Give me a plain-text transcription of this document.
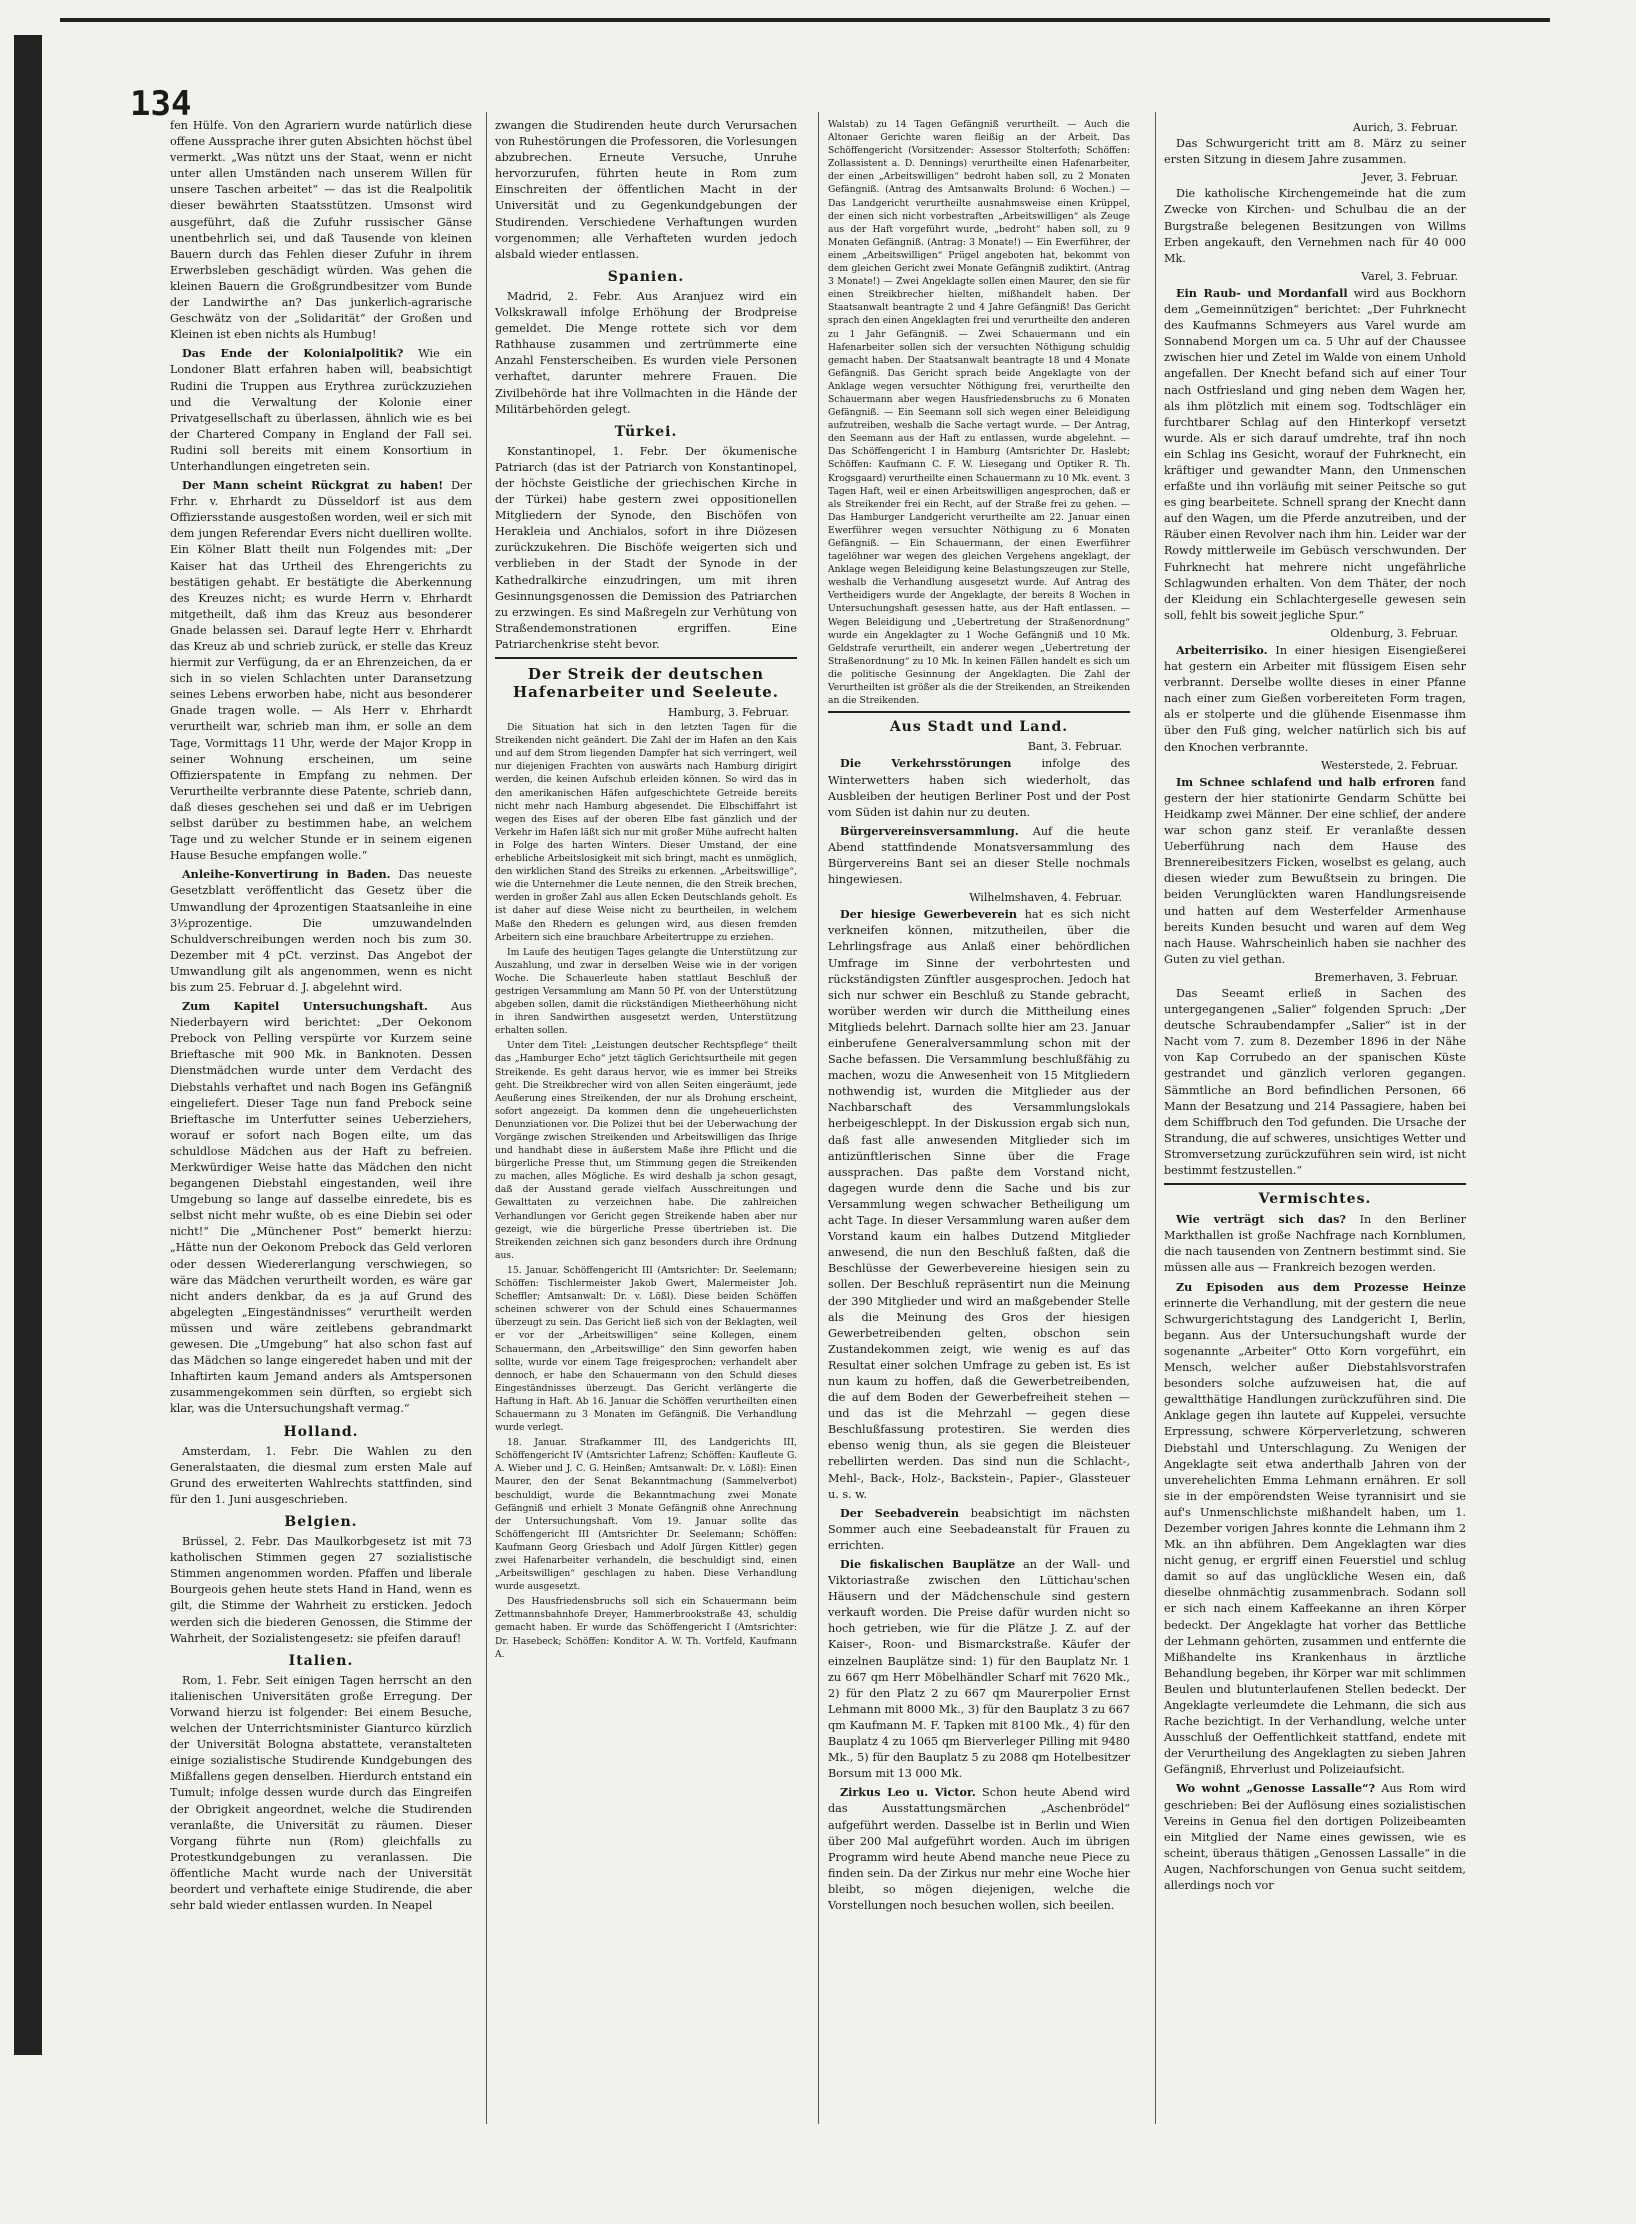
134

fen Hülfe. Von den Agrariern wurde natürlich diese offene Aussprache ihrer guten Absichten höchst übel vermerkt. „Was nützt uns der Staat, wenn er nicht unter allen Umständen nach unserem Willen für unsere Taschen arbeitet“ — das ist die Realpolitik dieser bewährten Staatsstützen. Umsonst wird ausgeführt, daß die Zufuhr russischer Gänse unentbehrlich sei, und daß Tausende von kleinen Bauern durch das Fehlen dieser Zufuhr in ihrem Erwerbsleben geschädigt würden. Was gehen die kleinen Bauern die Großgrundbesitzer vom Bunde der Landwirthe an? Das junkerlich-agrarische Geschwätz von der „Solidarität“ der Großen und Kleinen ist eben nichts als Humbug!

Das Ende der Kolonialpolitik? Wie ein Londoner Blatt erfahren haben will, beabsichtigt Rudini die Truppen aus Erythrea zurückzuziehen und die Verwaltung der Kolonie einer Privatgesellschaft zu überlassen, ähnlich wie es bei der Chartered Company in England der Fall sei. Rudini soll bereits mit einem Konsortium in Unterhandlungen eingetreten sein.

Der Mann scheint Rückgrat zu haben! Der Frhr. v. Ehrhardt zu Düsseldorf ist aus dem Offiziersstande ausgestoßen worden, weil er sich mit dem jungen Referendar Evers nicht duelliren wollte. Ein Kölner Blatt theilt nun Folgendes mit: „Der Kaiser hat das Urtheil des Ehrengerichts zu bestätigen gehabt. Er bestätigte die Aberkennung des Kreuzes nicht; es wurde Herrn v. Ehrhardt mitgetheilt, daß ihm das Kreuz aus besonderer Gnade belassen sei. Darauf legte Herr v. Ehrhardt das Kreuz ab und schrieb zurück, er stelle das Kreuz hiermit zur Verfügung, da er an Ehrenzeichen, da er sich in so vielen Schlachten unter Daransetzung seines Lebens erworben habe, nicht aus besonderer Gnade tragen wolle. — Als Herr v. Ehrhardt verurtheilt war, schrieb man ihm, er solle an dem Tage, Vormittags 11 Uhr, werde der Major Kropp in seiner Wohnung erscheinen, um seine Offizierspatente in Empfang zu nehmen. Der Verurtheilte verbrannte diese Patente, schrieb dann, daß dieses geschehen sei und daß er im Uebrigen selbst darüber zu bestimmen habe, an welchem Tage und zu welcher Stunde er in seinem eigenen Hause Besuche empfangen wolle.“

Anleihe-Konvertirung in Baden. Das neueste Gesetzblatt veröffentlicht das Gesetz über die Umwandlung der 4prozentigen Staatsanleihe in eine 3½prozentige. Die umzuwandelnden Schuldverschreibungen werden noch bis zum 30. Dezember mit 4 pCt. verzinst. Das Angebot der Umwandlung gilt als angenommen, wenn es nicht bis zum 25. Februar d. J. abgelehnt wird.

Zum Kapitel Untersuchungshaft. Aus Niederbayern wird berichtet: „Der Oekonom Prebock von Pelling verspürte vor Kurzem seine Brieftasche mit 900 Mk. in Banknoten. Dessen Dienstmädchen wurde unter dem Verdacht des Diebstahls verhaftet und nach Bogen ins Gefängniß eingeliefert. Dieser Tage nun fand Prebock seine Brieftasche im Unterfutter seines Ueberziehers, worauf er sofort nach Bogen eilte, um das schuldlose Mädchen aus der Haft zu befreien. Merkwürdiger Weise hatte das Mädchen den nicht begangenen Diebstahl eingestanden, weil ihre Umgebung so lange auf dasselbe einredete, bis es selbst nicht mehr wußte, ob es eine Diebin sei oder nicht!“ Die „Münchener Post“ bemerkt hierzu: „Hätte nun der Oekonom Prebock das Geld verloren oder dessen Wiedererlangung verschwiegen, so wäre das Mädchen verurtheilt worden, es wäre gar nicht anders denkbar, da es ja auf Grund des abgelegten „Eingeständnisses“ verurtheilt werden müssen und wäre zeitlebens gebrandmarkt gewesen. Die „Umgebung“ hat also schon fast auf das Mädchen so lange eingeredet haben und mit der Inhaftirten kaum Jemand anders als Amtspersonen zusammengekommen sein dürften, so ergiebt sich klar, was die Untersuchungshaft vermag.“

Holland.

Amsterdam, 1. Febr. Die Wahlen zu den Generalstaaten, die diesmal zum ersten Male auf Grund des erweiterten Wahlrechts stattfinden, sind für den 1. Juni ausgeschrieben.

Belgien.

Brüssel, 2. Febr. Das Maulkorbgesetz ist mit 73 katholischen Stimmen gegen 27 sozialistische Stimmen angenommen worden. Pfaffen und liberale Bourgeois gehen heute stets Hand in Hand, wenn es gilt, die Stimme der Wahrheit zu ersticken. Jedoch werden sich die biederen Genossen, die Stimme der Wahrheit, der Sozialistengesetz: sie pfeifen darauf!

Italien.

Rom, 1. Febr. Seit einigen Tagen herrscht an den italienischen Universitäten große Erregung. Der Vorwand hierzu ist folgender: Bei einem Besuche, welchen der Unterrichtsminister Gianturco kürzlich der Universität Bologna abstattete, veranstalteten einige sozialistische Studirende Kundgebungen des Mißfallens gegen denselben. Hierdurch entstand ein Tumult; infolge dessen wurde durch das Eingreifen der Obrigkeit angeordnet, welche die Studirenden veranlaßte, die Universität zu räumen. Dieser Vorgang führte nun (Rom) gleichfalls zu Protestkundgebungen zu veranlassen. Die öffentliche Macht wurde nach der Universität beordert und verhaftete einige Studirende, die aber sehr bald wieder entlassen wurden. In Neapel

zwangen die Studirenden heute durch Verursachen von Ruhestörungen die Professoren, die Vorlesungen abzubrechen. Erneute Versuche, Unruhe hervorzurufen, führten heute in Rom zum Einschreiten der öffentlichen Macht in der Universität und zu Gegenkundgebungen der Studirenden. Verschiedene Verhaftungen wurden vorgenommen; alle Verhafteten wurden jedoch alsbald wieder entlassen.

Spanien.

Madrid, 2. Febr. Aus Aranjuez wird ein Volkskrawall infolge Erhöhung der Brodpreise gemeldet. Die Menge rottete sich vor dem Rathhause zusammen und zertrümmerte eine Anzahl Fensterscheiben. Es wurden viele Personen verhaftet, darunter mehrere Frauen. Die Zivilbehörde hat ihre Vollmachten in die Hände der Militärbehörden gelegt.

Türkei.

Konstantinopel, 1. Febr. Der ökumenische Patriarch (das ist der Patriarch von Konstantinopel, der höchste Geistliche der griechischen Kirche in der Türkei) habe gestern zwei oppositionellen Mitgliedern der Synode, den Bischöfen von Herakleia und Anchialos, sofort in ihre Diözesen zurückzukehren. Die Bischöfe weigerten sich und verblieben in der Stadt der Synode in der Kathedralkirche einzudringen, um mit ihren Gesinnungsgenossen die Demission des Patriarchen zu erzwingen. Es sind Maßregeln zur Verhütung von Straßendemonstrationen ergriffen. Eine Patriarchenkrise steht bevor.

Der Streik der deutschen Hafenarbeiter und Seeleute.
Hamburg, 3. Februar.

Die Situation hat sich in den letzten Tagen für die Streikenden nicht geändert. Die Zahl der im Hafen an den Kais und auf dem Strom liegenden Dampfer hat sich verringert, weil nur diejenigen Frachten von auswärts nach Hamburg dirigirt werden, die keinen Aufschub erleiden können. So wird das in den amerikanischen Häfen aufgeschichtete Getreide bereits nicht mehr nach Hamburg abgesendet. Die Elbschiffahrt ist wegen des Eises auf der oberen Elbe fast gänzlich und der Verkehr im Hafen läßt sich nur mit großer Mühe aufrecht halten in Folge des harten Winters. Dieser Umstand, der eine erhebliche Arbeitslosigkeit mit sich bringt, macht es unmöglich, den wirklichen Stand des Streiks zu erkennen. „Arbeitswillige“, wie die Unternehmer die Leute nennen, die den Streik brechen, werden in großer Zahl aus allen Ecken Deutschlands geholt. Es ist daher auf diese Weise nicht zu beurtheilen, in welchem Maße den Rhedern es gelungen wird, aus diesen fremden Arbeitern sich eine brauchbare Arbeitertruppe zu erziehen.

Im Laufe des heutigen Tages gelangte die Unterstützung zur Auszahlung, und zwar in derselben Weise wie in der vorigen Woche. Die Schauerleute haben stattlaut Beschluß der gestrigen Versammlung am Mann 50 Pf. von der Unterstützung abgeben sollen, damit die rückständigen Mietheerhöhung nicht in ihren Sandwirthen ausgesetzt werden, Unterstützung erhalten sollen.

Unter dem Titel: „Leistungen deutscher Rechtspflege“ theilt das „Hamburger Echo“ jetzt täglich Gerichtsurtheile mit gegen Streikende. Es geht daraus hervor, wie es immer bei Streiks geht. Die Streikbrecher wird von allen Seiten eingeräumt, jede Aeußerung eines Streikenden, der nur als Drohung erscheint, sofort angezeigt. Da kommen denn die ungeheuerlichsten Denunziationen vor. Die Polizei thut bei der Ueberwachung der Vorgänge zwischen Streikenden und Arbeitswilligen das Ihrige und handhabt diese in äußerstem Maße ihre Pflicht und die bürgerliche Presse thut, um Stimmung gegen die Streikenden zu machen, alles Mögliche. Es wird deshalb ja schon gesagt, daß der Ausstand gerade vielfach Ausschreitungen und Gewalttaten zu verzeichnen habe. Die zahlreichen Verhandlungen vor Gericht gegen Streikende haben aber nur gezeigt, wie die bürgerliche Presse übertrieben ist. Die Streikenden zeichnen sich ganz besonders durch ihre Ordnung aus.

15. Januar. Schöffengericht III (Amtsrichter: Dr. Seelemann; Schöffen: Tischlermeister Jakob Gwert, Malermeister Joh. Scheffler; Amtsanwalt: Dr. v. Lößl). Diese beiden Schöffen scheinen schwerer von der Schuld eines Schauermannes überzeugt zu sein. Das Gericht ließ sich von der Beklagten, weil er vor der „Arbeitswilligen“ seine Kollegen, einem Schauermann, den „Arbeitswillige“ den Sinn geworfen haben sollte, wurde vor einem Tage freigesprochen; verhandelt aber dennoch, er habe den Schauermann von den Schuld dieses Eingeständnisses überzeugt. Das Gericht verlängerte die Haftung in Haft. Ab 16. Januar die Schöffen verurtheilten einen Schauermann zu 3 Monaten im Gefängniß. Die Verhandlung wurde verlegt.

18. Januar. Strafkammer III, des Landgerichts III, Schöffengericht IV (Amtsrichter Lafrenz; Schöffen: Kaufleute G. A. Wieber und J. C. G. Heinßen; Amtsanwalt: Dr. v. Lößl): Einen Maurer, den der Senat Bekanntmachung (Sammelverbot) beschuldigt, wurde die Bekanntmachung zwei Monate Gefängniß und erhielt 3 Monate Gefängniß ohne Anrechnung der Untersuchungshaft. Vom 19. Januar sollte das Schöffengericht III (Amtsrichter Dr. Seelemann; Schöffen: Kaufmann Georg Griesbach und Adolf Jürgen Kittler) gegen zwei Hafenarbeiter verhandeln, die beschuldigt sind, einen „Arbeitswilligen“ geschlagen zu haben. Diese Verhandlung wurde ausgesetzt.

Des Hausfriedensbruchs soll sich ein Schauermann beim Zettmannsbahnhofe Dreyer, Hammerbrookstraße 43, schuldig gemacht haben. Er wurde das Schöffengericht I (Amtsrichter: Dr. Hasebeck; Schöffen: Konditor A. W. Th. Vortfeld, Kaufmann A.

Walstab) zu 14 Tagen Gefängniß verurtheilt. — Auch die Altonaer Gerichte waren fleißig an der Arbeit. Das Schöffengericht (Vorsitzender: Assessor Stolterfoth; Schöffen: Zollassistent a. D. Dennings) verurtheilte einen Hafenarbeiter, der einen „Arbeitswilligen“ bedroht haben soll, zu 2 Monaten Gefängniß. (Antrag des Amtsanwalts Brolund: 6 Wochen.) — Das Landgericht verurtheilte ausnahmsweise einen Krüppel, der einen sich nicht vorbestraften „Arbeitswilligen“ als Zeuge aus der Haft vorgeführt wurde, „bedroht“ haben soll, zu 9 Monaten Gefängniß. (Antrag: 3 Monate!) — Ein Ewerführer, der einem „Arbeitswilligen“ Prügel angeboten hat, bekommt von dem gleichen Gericht zwei Monate Gefängniß zudiktirt. (Antrag 3 Monate!) — Zwei Angeklagte sollen einen Maurer, den sie für einen Streikbrecher hielten, mißhandelt haben. Der Staatsanwalt beantragte 2 und 4 Jahre Gefängniß! Das Gericht sprach den einen Angeklagten frei und verurtheilte den anderen zu 1 Jahr Gefängniß. — Zwei Schauermann und ein Hafenarbeiter sollen sich der versuchten Nöthigung schuldig gemacht haben. Der Staatsanwalt beantragte 18 und 4 Monate Gefängniß. Das Gericht sprach beide Angeklagte von der Anklage wegen versuchter Nöthigung frei, verurtheilte den Schauermann aber wegen Hausfriedensbruchs zu 6 Monaten Gefängniß. — Ein Seemann soll sich wegen einer Beleidigung aufzutreiben, weshalb die Sache vertagt wurde. — Der Antrag, den Seemann aus der Haft zu entlassen, wurde abgelehnt. — Das Schöffengericht I in Hamburg (Amtsrichter Dr. Haslebt; Schöffen: Kaufmann C. F. W. Liesegang und Optiker R. Th. Krogsgaard) verurtheilte einen Schauermann zu 10 Mk. event. 3 Tagen Haft, weil er einen Arbeitswilligen angesprochen, daß er als Streikender frei ein Recht, auf der Straße frei zu gehen. — Das Hamburger Landgericht verurtheilte am 22. Januar einen Ewerführer wegen versuchter Nöthigung zu 6 Monaten Gefängniß. — Ein Schauermann, der einen Ewerführer tagelöhner war wegen des gleichen Vergehens angeklagt, der Anklage wegen Beleidigung keine Belastungszeugen zur Stelle, weshalb die Verhandlung ausgesetzt wurde. Auf Antrag des Vertheidigers wurde der Angeklagte, der bereits 8 Wochen in Untersuchungshaft gesessen hatte, aus der Haft entlassen. — Wegen Beleidigung und „Uebertretung der Straßenordnung“ wurde ein Angeklagter zu 1 Woche Gefängniß und 10 Mk. Geldstrafe verurtheilt, ein anderer wegen „Uebertretung der Straßenordnung“ zu 10 Mk. In keinen Fällen handelt es sich um die politische Gesinnung der Angeklagten. Die Zahl der Verurtheilten ist größer als die der Streikenden, an Streikenden an die Streikenden.

Aus Stadt und Land.
Bant, 3. Februar.

Die Verkehrsstörungen	infolge des Winterwetters haben sich wiederholt, das Ausbleiben der heutigen Berliner Post und der Post vom Süden ist dahin nur zu deuten.

Bürgervereinsversammlung. Auf die heute Abend stattfindende Monatsversammlung des Bürgervereins Bant sei an dieser Stelle nochmals hingewiesen.

Wilhelmshaven, 4. Februar.

Der hiesige Gewerbeverein hat es sich nicht verkneifen können, mitzutheilen, über die Lehrlingsfrage aus Anlaß einer behördlichen Umfrage im Sinne der verbohrtesten und rückständigsten Zünftler ausgesprochen. Jedoch hat sich nur schwer ein Beschluß zu Stande gebracht, worüber werden wir durch die Mittheilung eines Mitglieds belehrt. Darnach sollte hier am 23. Januar einberufene Generalversammlung schon mit der Sache befassen. Die Versammlung beschlußfähig zu machen, wozu die Anwesenheit von 15 Mitgliedern nothwendig ist, wurden die Mitglieder aus der Nachbarschaft des Versammlungslokals herbeigeschleppt. In der Diskussion ergab sich nun, daß fast alle anwesenden Mitglieder sich im antizünftlerischen Sinne über die Frage aussprachen. Das paßte dem Vorstand nicht, dagegen wurde denn die Sache und bis zur Versammlung wegen schwacher Betheiligung um acht Tage. In dieser Versammlung waren außer dem Vorstand kaum ein halbes Dutzend Mitglieder anwesend, die nun den Beschluß faßten, daß die Beschlüsse der Gewerbevereine hiesigen sein zu sollen. Der Beschluß repräsentirt nun die Meinung der 390 Mitglieder und wird an maßgebender Stelle als die Meinung des Gros der hiesigen Gewerbetreibenden gelten, obschon sein Zustandekommen zeigt, wie wenig es auf das Resultat einer solchen Umfrage zu geben ist. Es ist nun kaum zu hoffen, daß die Gewerbetreibenden, die auf dem Boden der Gewerbefreiheit stehen — und das ist die Mehrzahl — gegen diese Beschlußfassung protestiren. Sie werden dies ebenso wenig thun, als sie gegen die Bleisteuer rebellirten werden. Das sind nun die Schlacht-, Mehl-, Back-, Holz-, Backstein-, Papier-, Glassteuer u. s. w.

Der Seebadverein beabsichtigt im nächsten Sommer auch eine Seebadeanstalt für Frauen zu errichten.

Die fiskalischen Bauplätze an der Wall- und Viktoriastraße zwischen den Lüttichau'schen Häusern und der Mädchenschule sind gestern verkauft worden. Die Preise dafür wurden nicht so hoch getrieben, wie für die Plätze J. Z. auf der Kaiser-, Roon- und Bismarckstraße. Käufer der einzelnen Bauplätze sind: 1) für den Bauplatz Nr. 1 zu 667 qm Herr Möbelhändler Scharf mit 7620 Mk., 2) für den Platz 2 zu 667 qm Maurerpolier Ernst Lehmann mit 8000 Mk., 3) für den Bauplatz 3 zu 667 qm Kaufmann M. F. Tapken mit 8100 Mk., 4) für den Bauplatz 4 zu 1065 qm Bierverleger Pilling mit 9480 Mk., 5) für den Bauplatz 5 zu 2088 qm Hotelbesitzer Borsum mit 13 000 Mk.

Zirkus Leo u. Victor. Schon heute Abend wird das Ausstattungsmärchen „Aschenbrödel“ aufgeführt werden. Dasselbe ist in Berlin und Wien über 200 Mal aufgeführt worden. Auch im übrigen Programm wird heute Abend manche neue Piece zu finden sein. Da der Zirkus nur mehr eine Woche hier bleibt, so mögen diejenigen, welche die Vorstellungen noch besuchen wollen, sich beeilen.

Aurich, 3. Februar.

Das Schwurgericht tritt am 8. März zu seiner ersten Sitzung in diesem Jahre zusammen.

Jever, 3. Februar.

Die katholische Kirchengemeinde hat die zum Zwecke von Kirchen- und Schulbau die an der Burgstraße belegenen Besitzungen von Willms Erben angekauft, den Vernehmen nach für 40 000 Mk.

Varel, 3. Februar.

Ein Raub- und Mordanfall wird aus Bockhorn dem „Gemeinnützigen“ berichtet: „Der Fuhrknecht des Kaufmanns Schmeyers aus Varel wurde am Sonnabend Morgen um ca. 5 Uhr auf der Chaussee zwischen hier und Zetel im Walde von einem Unhold angefallen. Der Knecht befand sich auf einer Tour nach Ostfriesland und ging neben dem Wagen her, als ihm plötzlich mit einem sog. Todtschläger ein furchtbarer Schlag auf den Hinterkopf versetzt wurde. Als er sich darauf umdrehte, traf ihn noch ein Schlag ins Gesicht, worauf der Fuhrknecht, ein kräftiger und gewandter Mann, den Unmenschen erfaßte und ihn vorläufig mit seiner Peitsche so gut es ging bearbeitete. Schnell sprang der Knecht dann auf den Wagen, um die Pferde anzutreiben, und der Räuber einen Revolver nach ihm hin. Leider war der Rowdy mittlerweile im Gebüsch verschwunden. Der Fuhrknecht hat mehrere nicht ungefährliche Schlagwunden erhalten. Von dem Thäter, der noch der Kleidung ein Schlachtergeselle gewesen sein soll, fehlt bis soweit jegliche Spur.“

Oldenburg, 3. Februar.

Arbeiterrisiko. In einer hiesigen Eisengießerei hat gestern ein Arbeiter mit flüssigem Eisen sehr verbrannt. Derselbe wollte dieses in einer Pfanne nach einer zum Gießen vorbereiteten Form tragen, als er stolperte und die glühende Eisenmasse ihm über den Fuß ging, welcher natürlich sich bis auf den Knochen verbrannte.

Westerstede, 2. Februar.

Im Schnee schlafend und halb erfroren fand gestern der hier stationirte Gendarm Schütte bei Heidkamp zwei Männer. Der eine schlief, der andere war schon ganz steif. Er veranlaßte dessen Ueberführung nach dem Hause des Brennereibesitzers Ficken, woselbst es gelang, auch diesen wieder zum Bewußtsein zu bringen. Die beiden Verunglückten waren Handlungsreisende und hatten auf dem Westerfelder Armenhause bereits Kunden besucht und waren auf dem Weg nach Hause. Wahrscheinlich haben sie nachher des Guten zu viel gethan.

Bremerhaven, 3. Februar.

Das Seeamt erließ in Sachen des untergegangenen „Salier“ folgenden Spruch: „Der deutsche Schraubendampfer „Salier“ ist in der Nacht vom 7. zum 8. Dezember 1896 in der Nähe von Kap Corrubedo an der spanischen Küste gestrandet und gänzlich verloren gegangen. Sämmtliche an Bord befindlichen Personen, 66 Mann der Besatzung und 214 Passagiere, haben bei dem Schiffbruch den Tod gefunden. Die Ursache der Strandung, die auf schweres, unsichtiges Wetter und Stromversetzung zurückzuführen sein wird, ist nicht bestimmt festzustellen.“

Vermischtes.

Wie verträgt sich das? In den Berliner Markthallen ist große Nachfrage nach Kornblumen, die nach tausenden von Zentnern bestimmt sind. Sie müssen alle aus — Frankreich bezogen werden.

Zu Episoden aus dem Prozesse Heinze erinnerte die Verhandlung, mit der gestern die neue Schwurgerichtstagung des Landgericht I, Berlin, begann. Aus der Untersuchungshaft wurde der sogenannte „Arbeiter“ Otto Korn vorgeführt, ein Mensch, welcher außer Diebstahlsvorstrafen besonders solche aufzuweisen hat, die auf gewaltthätige Handlungen zurückzuführen sind. Die Anklage gegen ihn lautete auf Kuppelei, versuchte Erpressung, schwere Körperverletzung, schweren Diebstahl und Unterschlagung. Zu Wenigen der Angeklagte seit etwa anderthalb Jahren von der unverehelichten Emma Lehmann ernähren. Er soll sie in der empörendsten Weise tyrannisirt und sie auf's Unmenschlichste mißhandelt haben, um 1. Dezember vorigen Jahres konnte die Lehmann ihm 2 Mk. an ihn abführen. Dem Angeklagten war dies nicht genug, er ergriff einen Feuerstiel und schlug damit so auf das unglückliche Wesen ein, daß dieselbe ohnmächtig zusammenbrach. Sodann soll er sich nach einem Kaffeekanne an ihren Körper bedeckt. Der Angeklagte hat vorher das Bettliche der Lehmann gehörten, zusammen und entfernte die Mißhandelte ins Krankenhaus in ärztliche Behandlung begeben, ihr Körper war mit schlimmen Beulen und blutunterlaufenen Stellen bedeckt. Der Angeklagte verleumdete die Lehmann, die sich aus Rache bezichtigt. In der Verhandlung, welche unter Ausschluß der Oeffentlichkeit stattfand, endete mit der Verurtheilung des Angeklagten zu sieben Jahren Gefängniß, Ehrverlust und Polizeiaufsicht.

Wo wohnt „Genosse Lassalle“? Aus Rom wird geschrieben: Bei der Auflösung eines sozialistischen Vereins in Genua fiel den dortigen Polizeibeamten ein Mitglied der Name eines gewissen, wie es scheint, überaus thätigen „Genossen Lassalle“ in die Augen, Nachforschungen von Genua sucht seitdem, allerdings noch vor
